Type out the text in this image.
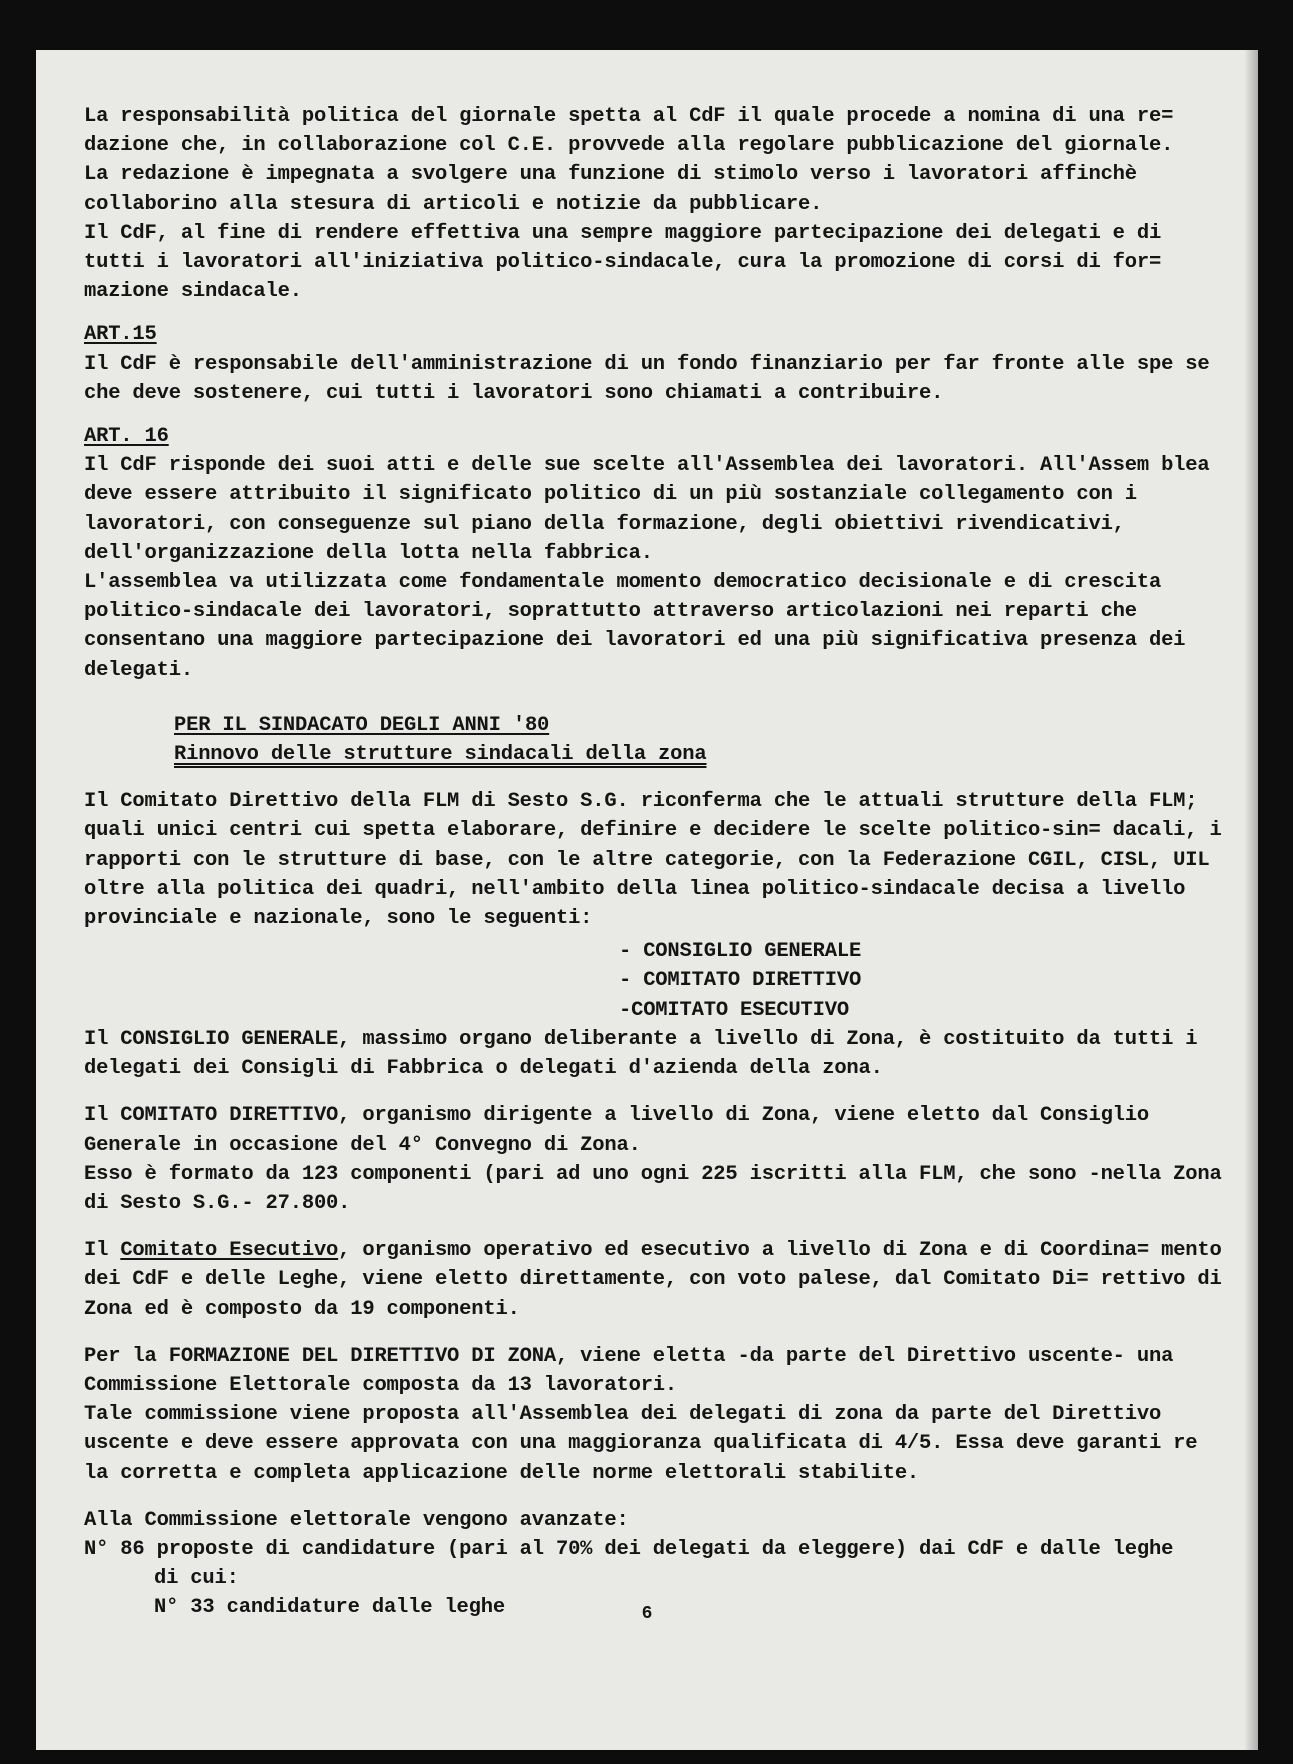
La responsabilità politica del giornale spetta al CdF il quale procede a nomina di una re= dazione che, in collaborazione col C.E. provvede alla regolare pubblicazione del giornale.

La redazione è impegnata a svolgere una funzione di stimolo verso i lavoratori affinchè collaborino alla stesura di articoli e notizie da pubblicare.

Il CdF, al fine di rendere effettiva una sempre maggiore partecipazione dei delegati e di tutti i lavoratori all'iniziativa politico-sindacale, cura la promozione di corsi di for= mazione sindacale.

ART.15

Il CdF è responsabile dell'amministrazione di un fondo finanziario per far fronte alle spe se che deve sostenere, cui tutti i lavoratori sono chiamati a contribuire.

ART. 16

Il CdF risponde dei suoi atti e delle sue scelte all'Assemblea dei lavoratori. All'Assem blea deve essere attribuito il significato politico di un più sostanziale collegamento con i lavoratori, con conseguenze sul piano della formazione, degli obiettivi rivendicativi, dell'organizzazione della lotta nella fabbrica.

L'assemblea va utilizzata come fondamentale momento democratico decisionale e di crescita politico-sindacale dei lavoratori, soprattutto attraverso articolazioni nei reparti che consentano una maggiore partecipazione dei lavoratori ed una più significativa presenza dei delegati.

PER IL SINDACATO DEGLI ANNI '80
Rinnovo delle strutture sindacali della zona

Il Comitato Direttivo della FLM di Sesto S.G. riconferma che le attuali strutture della FLM; quali unici centri cui spetta elaborare, definire e decidere le scelte politico-sin= dacali, i rapporti con le strutture di base, con le altre categorie, con la Federazione CGIL, CISL, UIL oltre alla politica dei quadri, nell'ambito della linea politico-sindacale decisa a livello provinciale e nazionale, sono le seguenti:

- CONSIGLIO GENERALE
- COMITATO DIRETTIVO
-COMITATO ESECUTIVO

Il CONSIGLIO GENERALE, massimo organo deliberante a livello di Zona, è costituito da tutti i delegati dei Consigli di Fabbrica o delegati d'azienda della zona.

Il COMITATO DIRETTIVO, organismo dirigente a livello di Zona, viene eletto dal Consiglio Generale in occasione del 4° Convegno di Zona.

Esso è formato da 123 componenti (pari ad uno ogni 225 iscritti alla FLM, che sono -nella Zona di Sesto S.G.- 27.800.

Il Comitato Esecutivo, organismo operativo ed esecutivo a livello di Zona e di Coordina= mento dei CdF e delle Leghe, viene eletto direttamente, con voto palese, dal Comitato Di= rettivo di Zona ed è composto da 19 componenti.

Per la FORMAZIONE DEL DIRETTIVO DI ZONA, viene eletta -da parte del Direttivo uscente- una Commissione Elettorale composta da 13 lavoratori.

Tale commissione viene proposta all'Assemblea dei delegati di zona da parte del Direttivo uscente e deve essere approvata con una maggioranza qualificata di 4/5. Essa deve garanti re la corretta e completa applicazione delle norme elettorali stabilite.

Alla Commissione elettorale vengono avanzate:

N° 86 proposte di candidature (pari al 70% dei delegati da eleggere) dai CdF e dalle leghe

di cui:

N° 33 candidature dalle leghe	6
